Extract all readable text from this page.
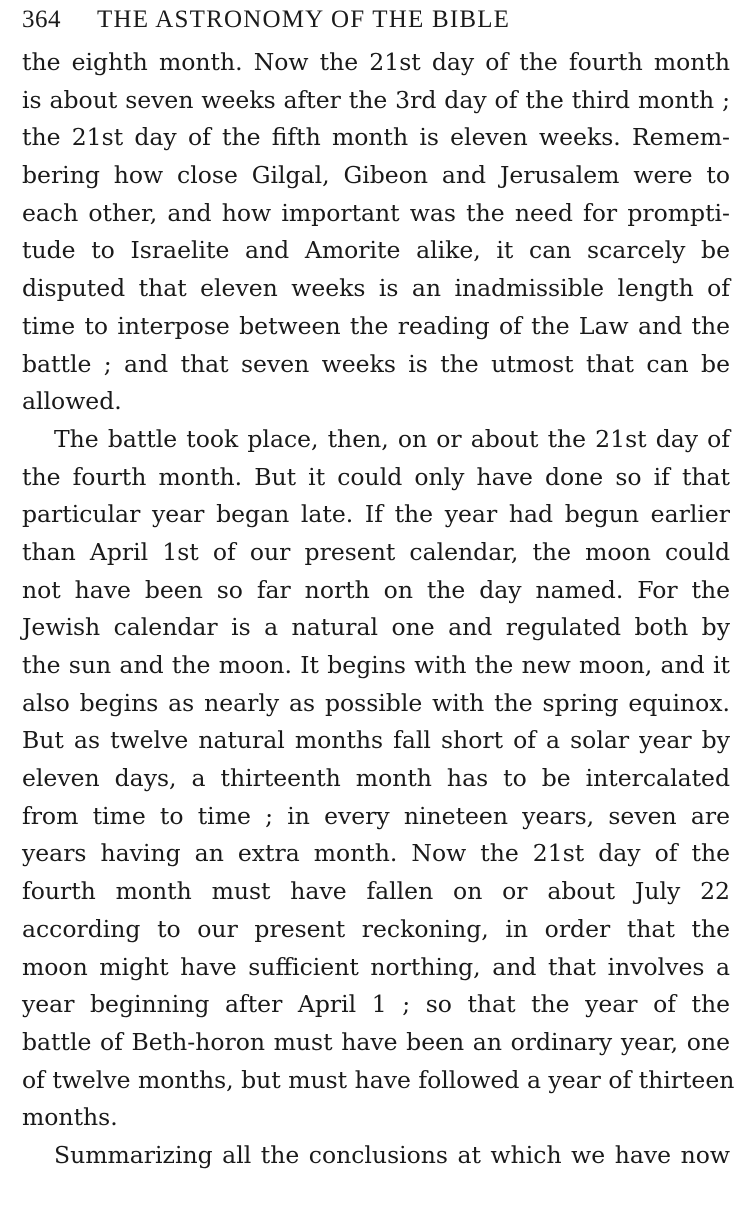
364 THE ASTRONOMY OF THE BIBLE
the eighth month. Now the 21st day of the fourth month
is about seven weeks after the 3rd day of the third month ;
the 21st day of the fifth month is eleven weeks. Remem-
bering how close Gilgal, Gibeon and Jerusalem were to
each other, and how important was the need for prompti-
tude to Israelite and Amorite alike, it can scarcely be
disputed that eleven weeks is an inadmissible length of
time to interpose between the reading of the Law and the
battle ; and that seven weeks is the utmost that can be
allowed.
The battle took place, then, on or about the 21st day of
the fourth month. But it could only have done so if that
particular year began late. If the year had begun earlier
than April 1st of our present calendar, the moon could
not have been so far north on the day named. For the
Jewish calendar is a natural one and regulated both by
the sun and the moon. It begins with the new moon, and it
also begins as nearly as possible with the spring equinox.
But as twelve natural months fall short of a solar year by
eleven days, a thirteenth month has to be intercalated
from time to time ; in every nineteen years, seven are
years having an extra month. Now the 21st day of the
fourth month must have fallen on or about July 22
according to our present reckoning, in order that the
moon might have sufficient northing, and that involves a
year beginning after April 1 ; so that the year of the
battle of Beth-horon must have been an ordinary year, one
of twelve months, but must have followed a year of thirteen
months.
Summarizing all the conclusions at which we have now
